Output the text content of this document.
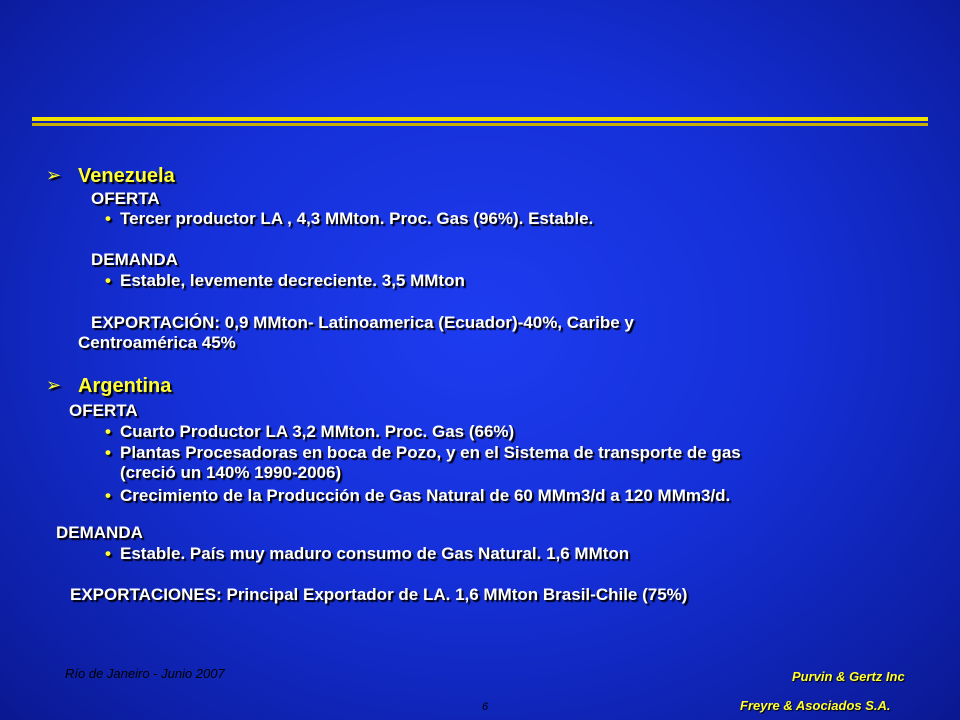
➢ Venezuela
OFERTA
• Tercer productor LA , 4,3 MMton. Proc. Gas (96%). Estable.
DEMANDA
• Estable, levemente decreciente. 3,5 MMton
EXPORTACIÓN: 0,9 MMton- Latinoamerica (Ecuador)-40%, Caribe y
Centroamérica 45%
➢ Argentina
OFERTA
• Cuarto Productor LA 3,2 MMton. Proc. Gas (66%)
• Plantas Procesadoras en boca de Pozo, y en el Sistema de transporte de gas
(creció un 140% 1990-2006)
• Crecimiento de la Producción de Gas Natural de 60 MMm3/d a 120 MMm3/d.
DEMANDA
• Estable. País muy maduro consumo de Gas Natural. 1,6 MMton
EXPORTACIONES: Principal Exportador de LA. 1,6 MMton Brasil-Chile (75%)
Río de Janeiro - Junio 2007
6
Purvin & Gertz Inc
Freyre & Asociados S.A.
